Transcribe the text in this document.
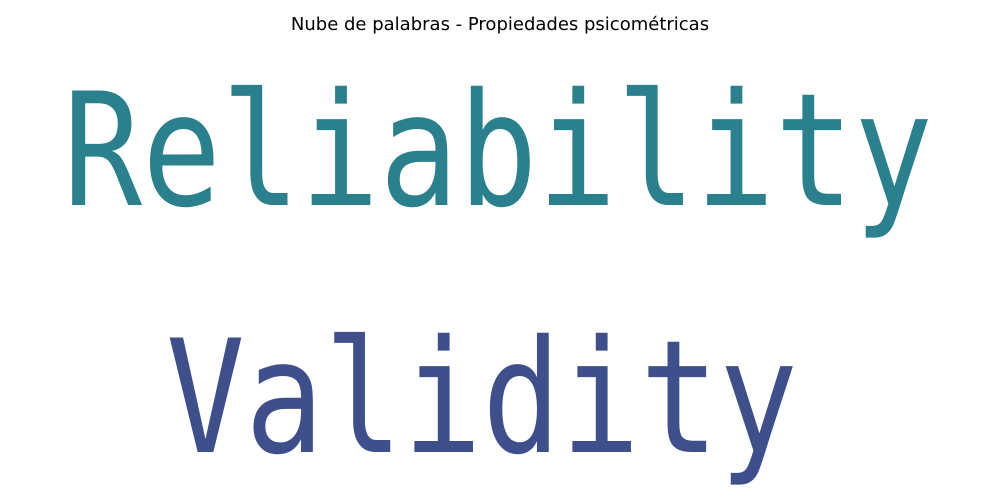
Nube de palabras - Propiedades psicométricas
Reliability
Validity
